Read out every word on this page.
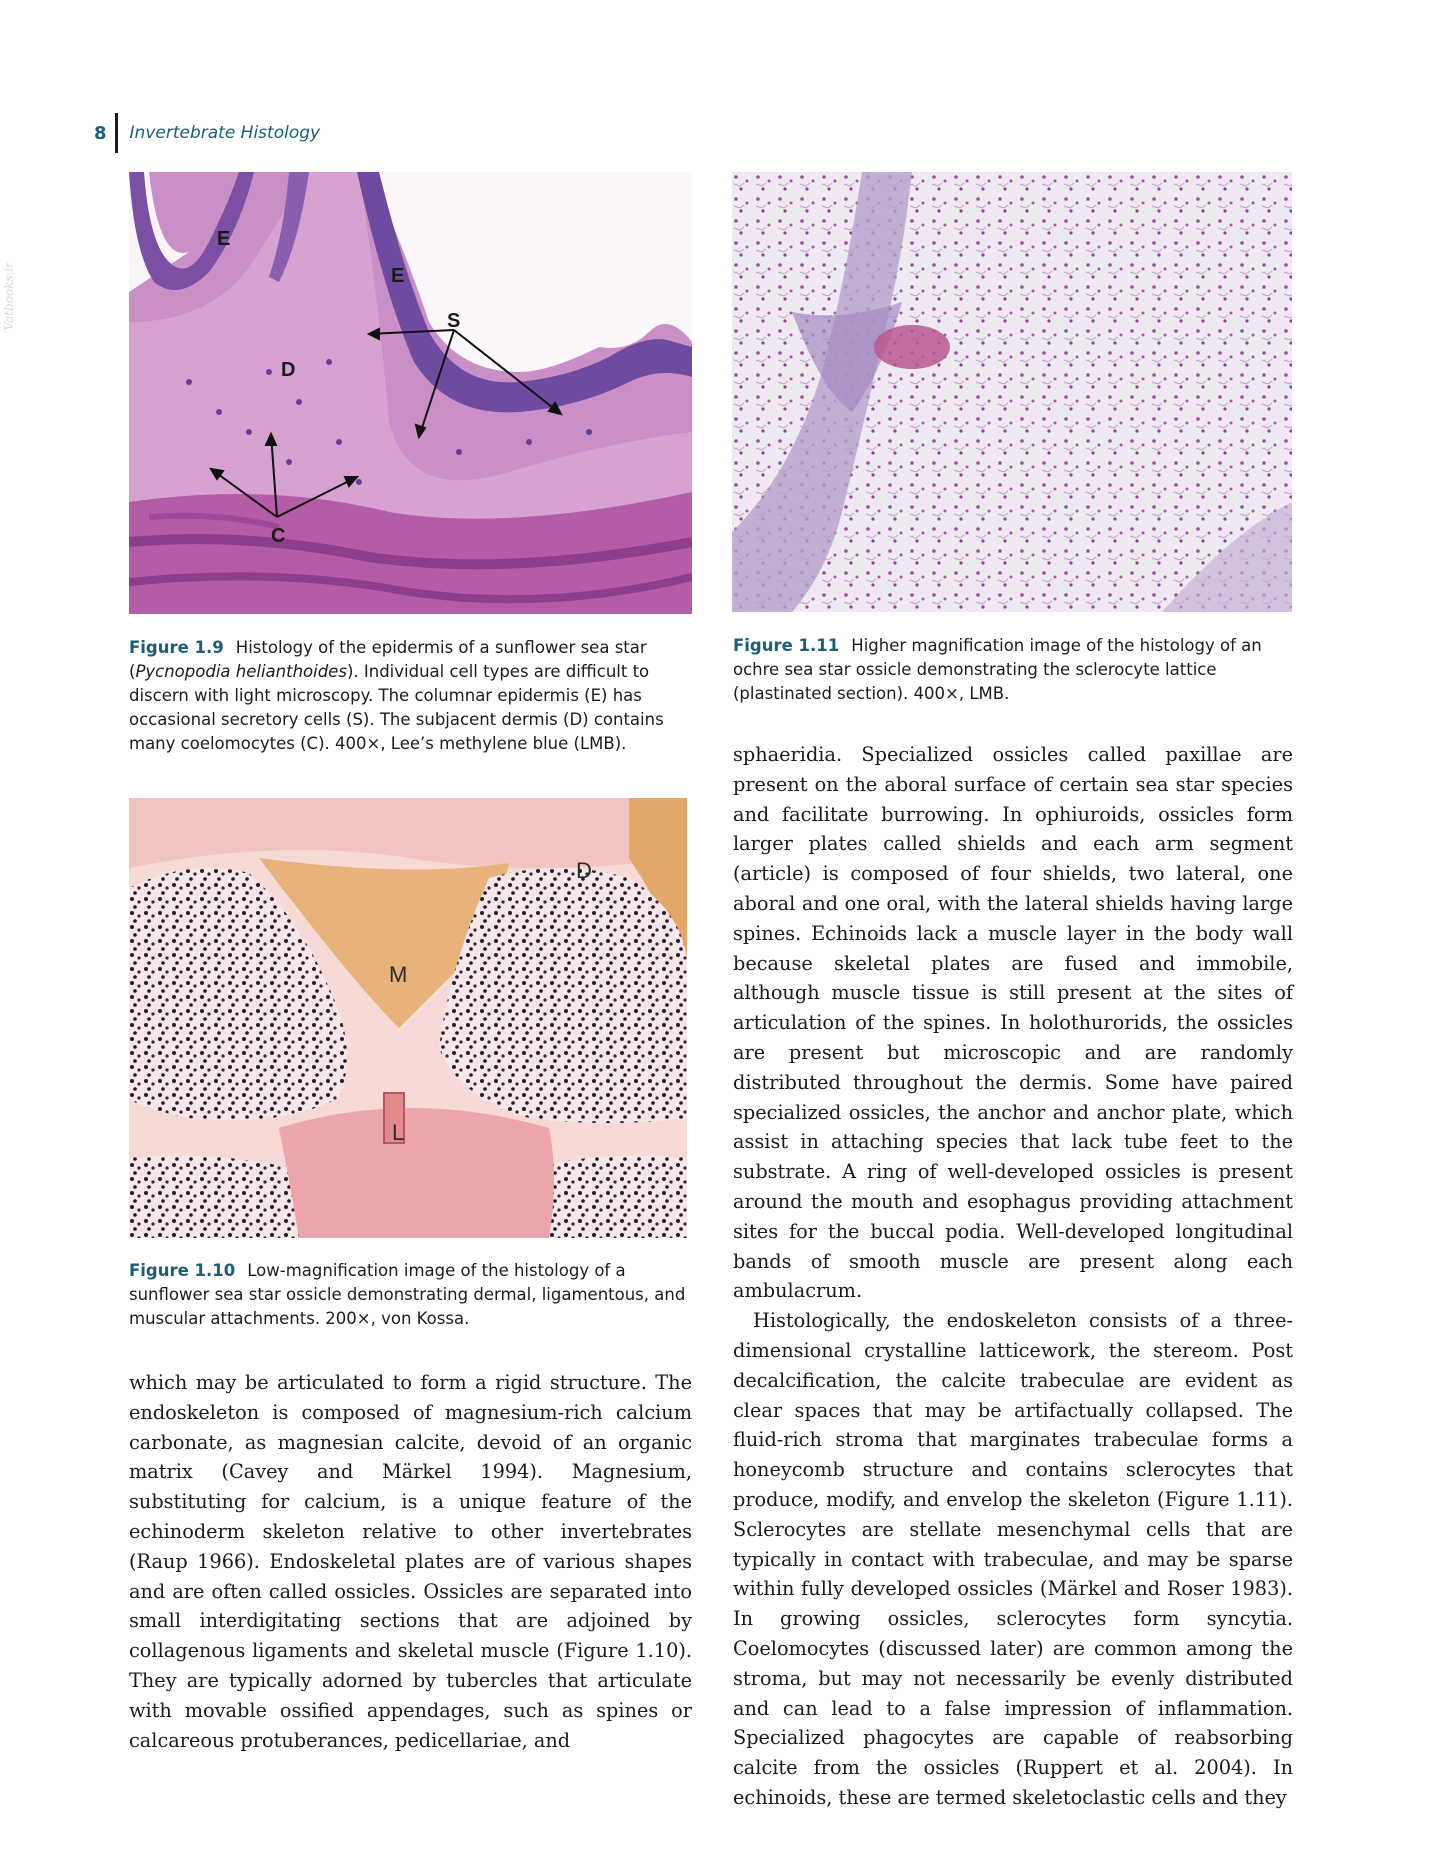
8	Invertebrate Histology
Vatbooks.ir
E
E
S
D
C

Figure 1.9 Histology of the epidermis of a sunflower sea star (Pycnopodia helianthoides). Individual cell types are difficult to discern with light microscopy. The columnar epidermis (E) has occasional secretory cells (S). The subjacent dermis (D) contains many coelomocytes (C). 400×, Lee’s methylene blue (LMB).

D
M
L

Figure 1.10 Low-magnification image of the histology of a sunflower sea star ossicle demonstrating dermal, ligamentous, and muscular attachments. 200×, von Kossa.

Figure 1.11 Higher magnification image of the histology of an ochre sea star ossicle demonstrating the sclerocyte lattice (plastinated section). 400×, LMB.

which may be articulated to form a rigid structure. The endoskeleton is composed of magnesium-rich calcium carbonate, as magnesian calcite, devoid of an organic matrix (Cavey and Märkel 1994). Magnesium, substituting for calcium, is a unique feature of the echinoderm skeleton relative to other invertebrates (Raup 1966). Endoskeletal plates are of various shapes and are often called ossicles. Ossicles are separated into small interdigitating sections that are adjoined by collagenous ligaments and skeletal muscle (Figure 1.10). They are typically adorned by tubercles that articulate with movable ossified appendages, such as spines or calcareous protuberances, pedicellariae, and

sphaeridia. Specialized ossicles called paxillae are present on the aboral surface of certain sea star species and facilitate burrowing. In ophiuroids, ossicles form larger plates called shields and each arm segment (article) is composed of four shields, two lateral, one aboral and one oral, with the lateral shields having large spines. Echinoids lack a muscle layer in the body wall because skeletal plates are fused and immobile, although muscle tissue is still present at the sites of articulation of the spines. In holothurorids, the ossicles are present but microscopic and are randomly distributed throughout the dermis. Some have paired specialized ossicles, the anchor and anchor plate, which assist in attaching species that lack tube feet to the substrate. A ring of well-developed ossicles is present around the mouth and esophagus providing attachment sites for the buccal podia. Well-developed longitudinal bands of smooth muscle are present along each ambulacrum.

Histologically, the endoskeleton consists of a three-dimensional crystalline latticework, the stereom. Post decalcification, the calcite trabeculae are evident as clear spaces that may be artifactually collapsed. The fluid-rich stroma that marginates trabeculae forms a honeycomb structure and contains sclerocytes that produce, modify, and envelop the skeleton (Figure 1.11). Sclerocytes are stellate mesenchymal cells that are typically in contact with trabeculae, and may be sparse within fully developed ossicles (Märkel and Roser 1983). In growing ossicles, sclerocytes form syncytia. Coelomocytes (discussed later) are common among the stroma, but may not necessarily be evenly distributed and can lead to a false impression of inflammation. Specialized phagocytes are capable of reabsorbing calcite from the ossicles (Ruppert et al. 2004). In echinoids, these are termed skeletoclastic cells and they
